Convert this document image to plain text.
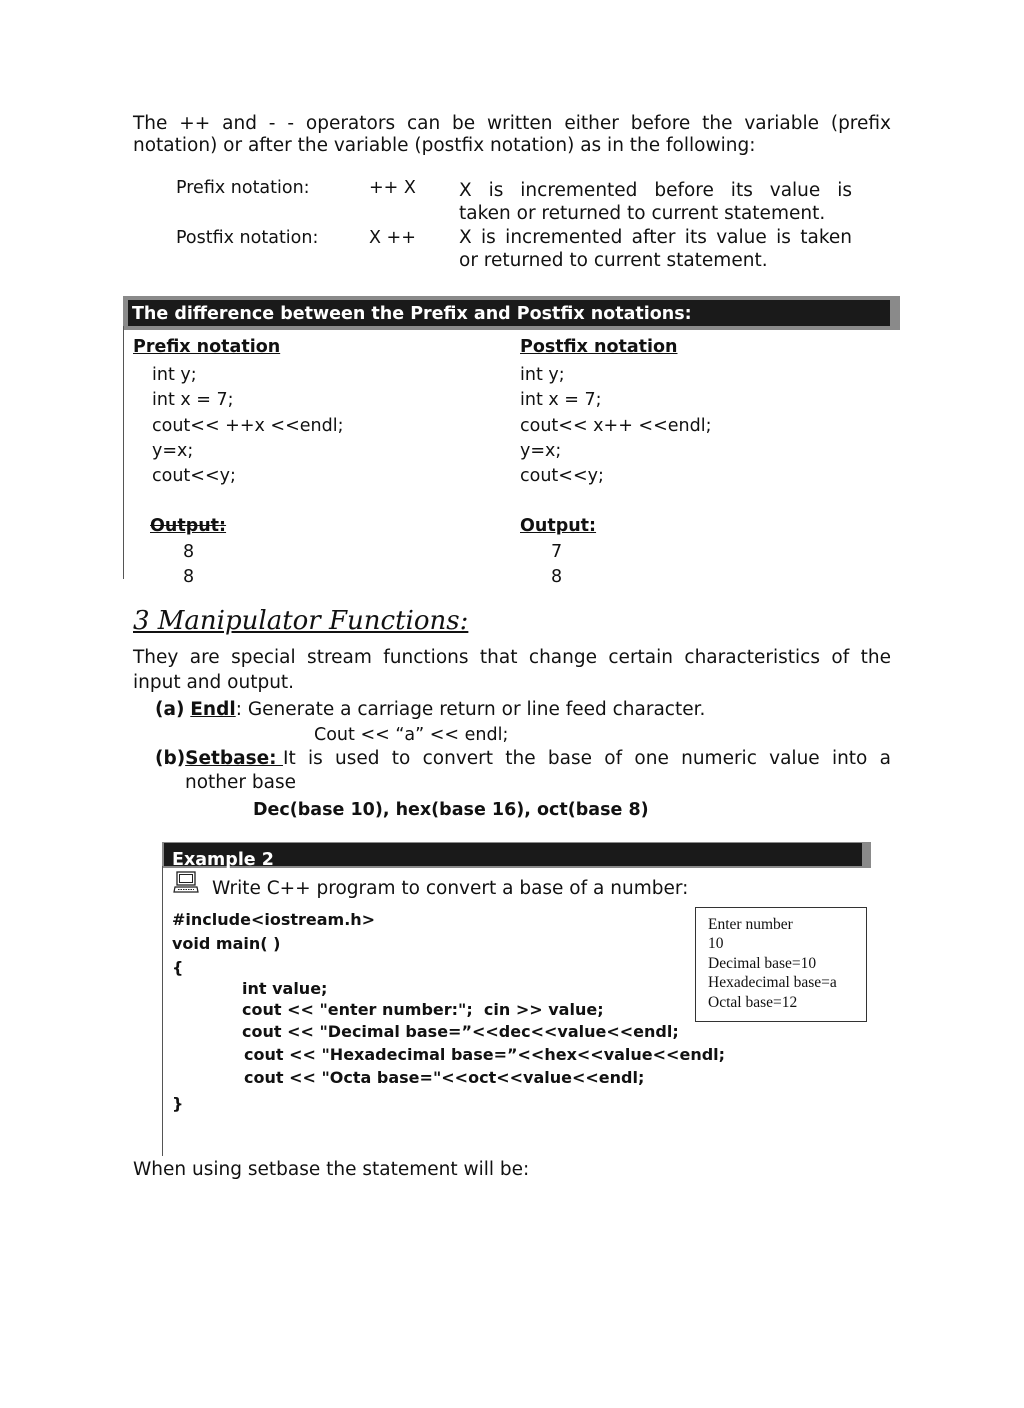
The ++ and - - operators can be written either before the variable (prefix
notation) or after the variable (postfix notation) as in the following:
Prefix notation:	++ X X is incremented before its value is
taken or returned to current statement.
Postfix notation:	X ++ X is incremented after its value is taken
or returned to current statement.
The difference between the Prefix and Postfix notations:
Prefix notation
int y;
int x = 7;
cout<< ++x <<endl;
y=x;
cout<<y;
Output:
8
8
Postfix notation
int y;
int x = 7;
cout<< x++ <<endl;
y=x;
cout<<y;
Output:
7
8
3 Manipulator Functions:
They are special stream functions that change certain characteristics of the
input and output.
(a) Endl: Generate a carriage return or line feed character.
Cout << “a” << endl;
(b) Setbase: It is used to convert the base of one numeric value into a
nother base
Dec(base 10), hex(base 16), oct(base 8)
Example 2
Write C++ program to convert a base of a number:
#include<iostream.h>
void main( )
{
int value;
cout << "enter number:";  cin >> value;
cout << "Decimal base=”<<dec<<value<<endl;
cout << "Hexadecimal base=”<<hex<<value<<endl;
cout << "Octa base="<<oct<<value<<endl;
}
Enter number
10
Decimal base=10
Hexadecimal base=a
Octal base=12
When using setbase the statement will be:
